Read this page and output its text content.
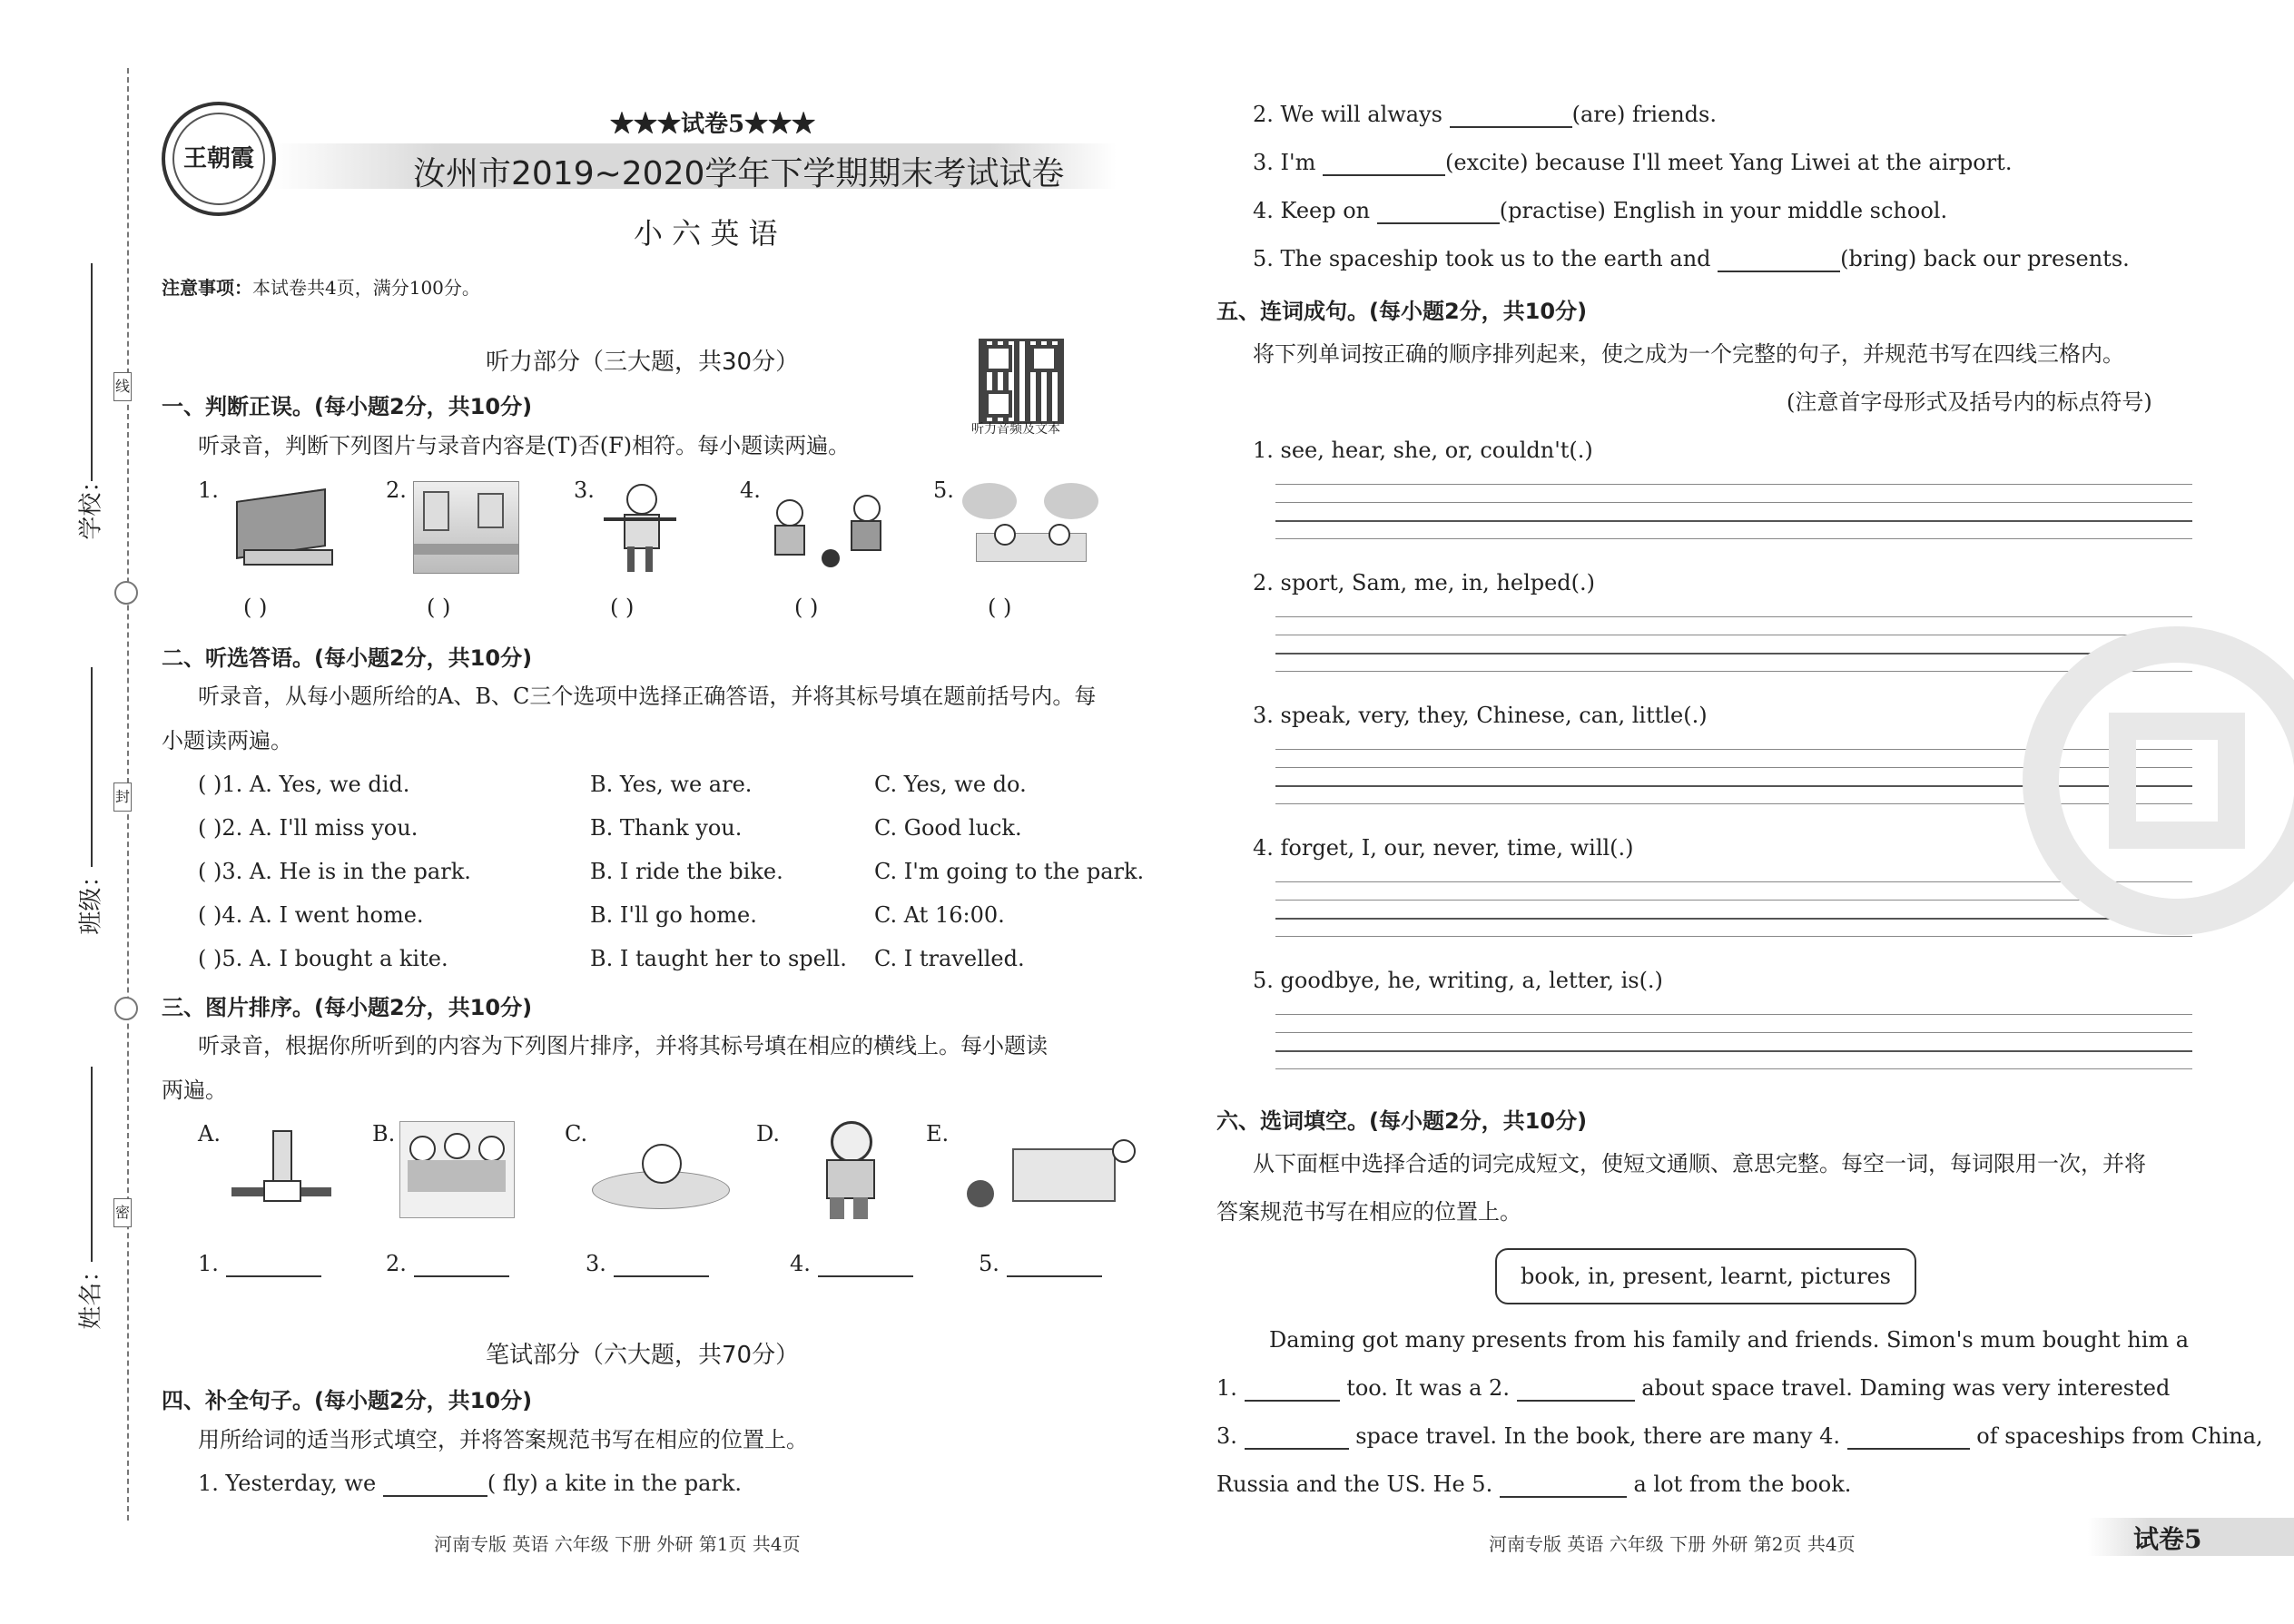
线
封
密
学校：
班级：
姓名：
王朝霞
★★★试卷5★★★
汝州市2019~2020学年下学期期末考试试卷
小 六 英 语
注意事项：本试卷共4页，满分100分。
听力音频及文本
听力部分（三大题，共30分）
一、判断正误。(每小题2分，共10分)
听录音，判断下列图片与录音内容是(T)否(F)相符。每小题读两遍。
1.
( )
2.
( )
3.
( )
4.
( )
5.
( )
二、听选答语。(每小题2分，共10分)
听录音，从每小题所给的A、B、C三个选项中选择正确答语，并将其标号填在题前括号内。每
小题读两遍。
( )1. A. Yes, we did.	B. Yes, we are.	C. Yes, we do.
( )2. A. I'll miss you.	B. Thank you.	C. Good luck.
( )3. A. He is in the park.	B. I ride the bike.	C. I'm going to the park.
( )4. A. I went home.	B. I'll go home.	C. At 16:00.
( )5. A. I bought a kite.	B. I taught her to spell. C. I travelled.
三、图片排序。(每小题2分，共10分)
听录音，根据你所听到的内容为下列图片排序，并将其标号填在相应的横线上。每小题读
两遍。
A.	B.	C.	D.	E.
1.	2.	3.	4.	5.
笔试部分（六大题，共70分）
四、补全句子。(每小题2分，共10分)
用所给词的适当形式填空，并将答案规范书写在相应的位置上。
1. Yesterday, we	( fly) a kite in the park.
2. We will always	(are) friends.
3. I'm	(excite) because I'll meet Yang Liwei at the airport.
4. Keep on	(practise) English in your middle school.
5. The spaceship took us to the earth and	(bring) back our presents.
五、连词成句。(每小题2分，共10分)
将下列单词按正确的顺序排列起来，使之成为一个完整的句子，并规范书写在四线三格内。
(注意首字母形式及括号内的标点符号)
1. see, hear, she, or, couldn't(.)
2. sport, Sam, me, in, helped(.)
3. speak, very, they, Chinese, can, little(.)
4. forget, I, our, never, time, will(.)
5. goodbye, he, writing, a, letter, is(.)
六、选词填空。(每小题2分，共10分)
从下面框中选择合适的词完成短文，使短文通顺、意思完整。每空一词，每词限用一次，并将
答案规范书写在相应的位置上。
book, in, present, learnt, pictures
Daming got many presents from his family and friends. Simon's mum bought him a
1.	too. It was a 2.	about space travel. Daming was very interested
3.	space travel. In the book, there are many 4.	of spaceships from China,
Russia and the US. He 5.	a lot from the book.
河南专版 英语 六年级 下册 外研 第1页 共4页	河南专版 英语 六年级 下册 外研 第2页 共4页	试卷5
